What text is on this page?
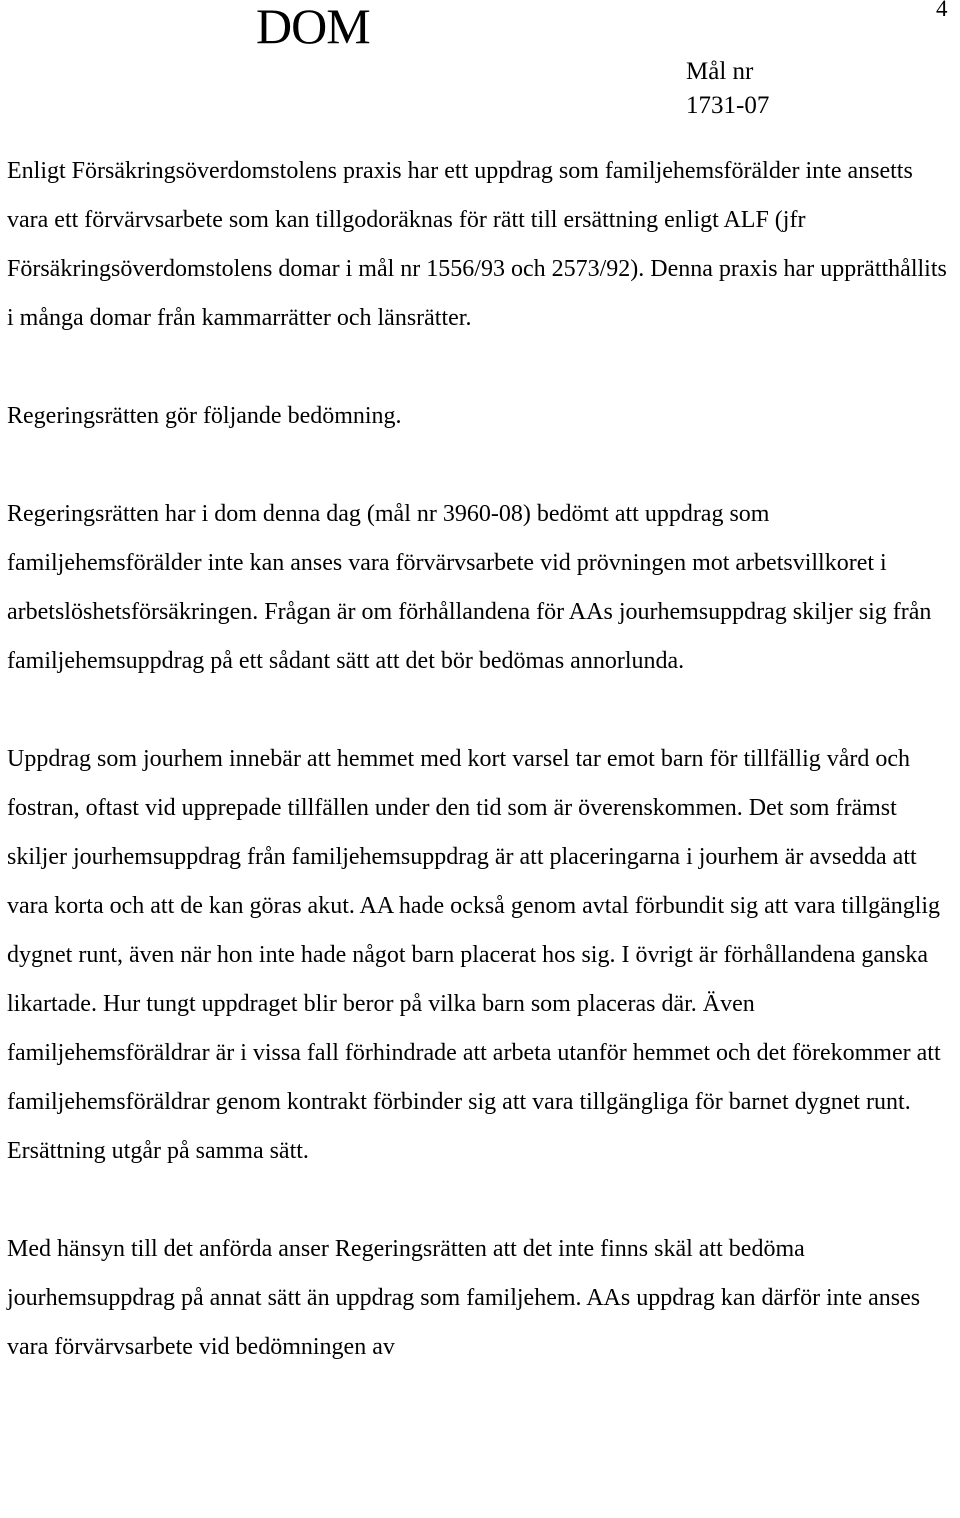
DOM	4
Mål nr
1731-07

Enligt Försäkringsöverdomstolens praxis har ett uppdrag som familjehemsförälder inte ansetts vara ett förvärvsarbete som kan tillgodoräknas för rätt till ersättning enligt ALF (jfr Försäkringsöverdomstolens domar i mål nr 1556/93 och 2573/92). Denna praxis har upprätthållits i många domar från kammarrätter och länsrätter.

Regeringsrätten gör följande bedömning.

Regeringsrätten har i dom denna dag (mål nr 3960-08) bedömt att uppdrag som familjehemsförälder inte kan anses vara förvärvsarbete vid prövningen mot arbetsvillkoret i arbetslöshetsförsäkringen. Frågan är om förhållandena för AAs jourhemsuppdrag skiljer sig från familjehemsuppdrag på ett sådant sätt att det bör bedömas annorlunda.

Uppdrag som jourhem innebär att hemmet med kort varsel tar emot barn för tillfällig vård och fostran, oftast vid upprepade tillfällen under den tid som är överenskommen. Det som främst skiljer jourhemsuppdrag från familjehemsuppdrag är att placeringarna i jourhem är avsedda att vara korta och att de kan göras akut. AA hade också genom avtal förbundit sig att vara tillgänglig dygnet runt, även när hon inte hade något barn placerat hos sig. I övrigt är förhållandena ganska likartade. Hur tungt uppdraget blir beror på vilka barn som placeras där. Även familjehemsföräldrar är i vissa fall förhindrade att arbeta utanför hemmet och det förekommer att familjehemsföräldrar genom kontrakt förbinder sig att vara tillgängliga för barnet dygnet runt. Ersättning utgår på samma sätt.

Med hänsyn till det anförda anser Regeringsrätten att det inte finns skäl att bedöma jourhemsuppdrag på annat sätt än uppdrag som familjehem. AAs uppdrag kan därför inte anses vara förvärvsarbete vid bedömningen av
